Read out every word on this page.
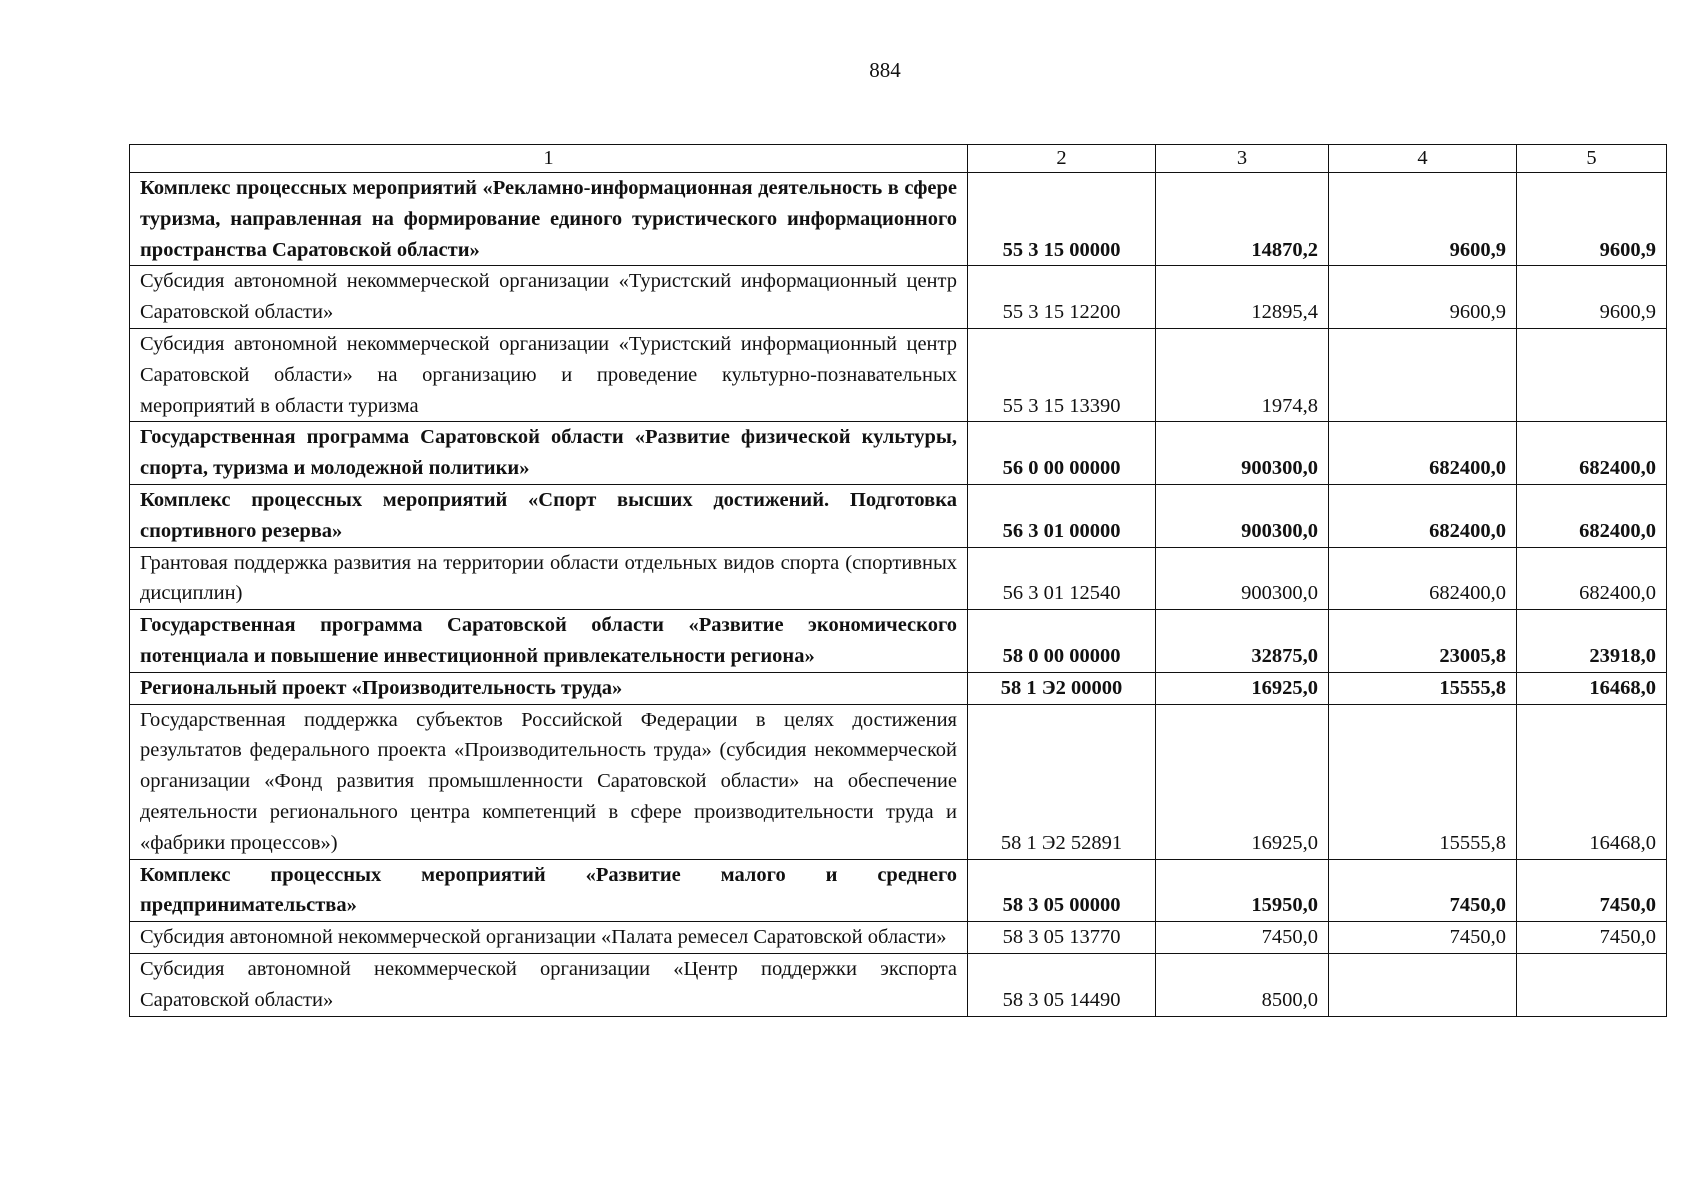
884
1	2	3	4	5
Комплекс процессных мероприятий «Рекламно-информационная деятельность в сфере туризма, направленная на формирование единого туристического информационного пространства Саратовской области»	55 3 15 00000	14870,2	9600,9	9600,9
Субсидия автономной некоммерческой организации «Туристский информационный центр Саратовской области»	55 3 15 12200	12895,4	9600,9	9600,9
Субсидия автономной некоммерческой организации «Туристский информационный центр Саратовской области» на организацию и проведение культурно-познавательных мероприятий в области туризма	55 3 15 13390	1974,8		
Государственная программа Саратовской области «Развитие физической культуры, спорта, туризма и молодежной политики»	56 0 00 00000	900300,0	682400,0	682400,0
Комплекс процессных мероприятий «Спорт высших достижений. Подготовка спортивного резерва»	56 3 01 00000	900300,0	682400,0	682400,0
Грантовая поддержка развития на территории области отдельных видов спорта (спортивных дисциплин)	56 3 01 12540	900300,0	682400,0	682400,0
Государственная программа Саратовской области «Развитие экономического потенциала и повышение инвестиционной привлекательности региона»	58 0 00 00000	32875,0	23005,8	23918,0
Региональный проект «Производительность труда»	58 1 Э2 00000	16925,0	15555,8	16468,0
Государственная поддержка субъектов Российской Федерации в целях достижения результатов федерального проекта «Производительность труда» (субсидия некоммерческой организации «Фонд развития промышленности Саратовской области» на обеспечение деятельности регионального центра компетенций в сфере производительности труда и «фабрики процессов»)	58 1 Э2 52891	16925,0	15555,8	16468,0
Комплекс процессных мероприятий «Развитие малого и среднего предпринимательства»	58 3 05 00000	15950,0	7450,0	7450,0
Субсидия автономной некоммерческой организации «Палата ремесел Саратовской области»	58 3 05 13770	7450,0	7450,0	7450,0
Субсидия автономной некоммерческой организации «Центр поддержки экспорта Саратовской области»	58 3 05 14490	8500,0		
